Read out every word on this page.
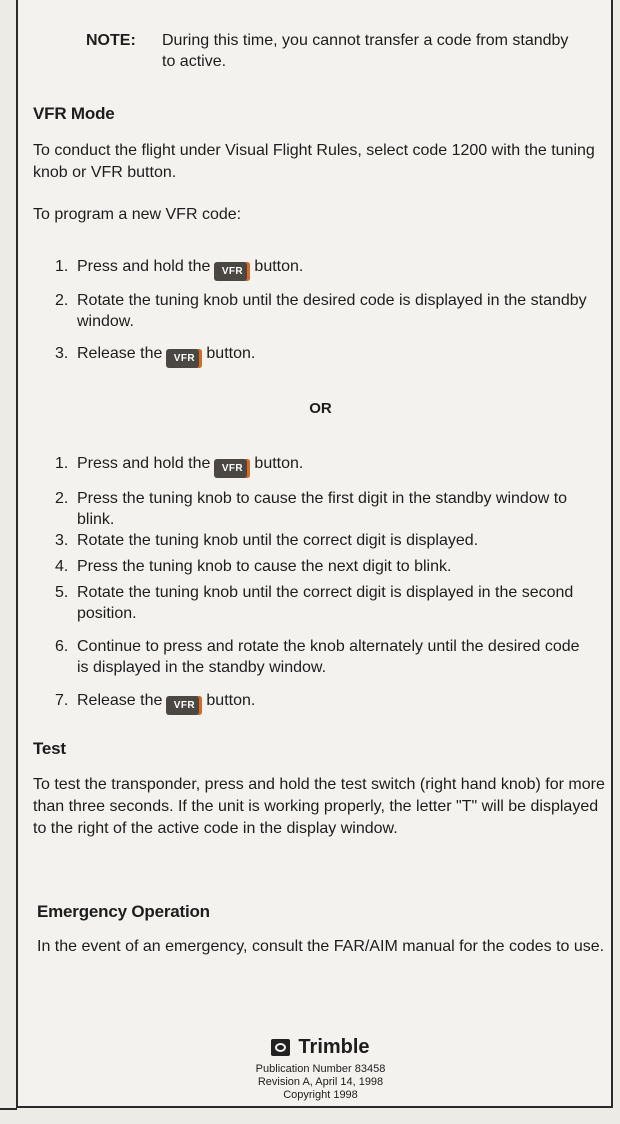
NOTE:	During this time, you cannot transfer a code from standby to active.
VFR Mode

To conduct the flight under Visual Flight Rules, select code 1200 with the tuning knob or VFR button.

To program a new VFR code:

1. Press and hold the VFR button.
2. Rotate the tuning knob until the desired code is displayed in the standby window.
3. Release the VFR button.
OR
1. Press and hold the VFR button.
2. Press the tuning knob to cause the first digit in the standby window to blink.
3. Rotate the tuning knob until the correct digit is displayed.
4. Press the tuning knob to cause the next digit to blink.
5. Rotate the tuning knob until the correct digit is displayed in the second position.
6. Continue to press and rotate the knob alternately until the desired code is displayed in the standby window.
7. Release the VFR button.
Test

To test the transponder, press and hold the test switch (right hand knob) for more than three seconds. If the unit is working properly, the letter "T" will be displayed to the right of the active code in the display window.

Emergency Operation

In the event of an emergency, consult the FAR/AIM manual for the codes to use.

Trimble
Publication Number 83458
Revision A, April 14, 1998
Copyright 1998
